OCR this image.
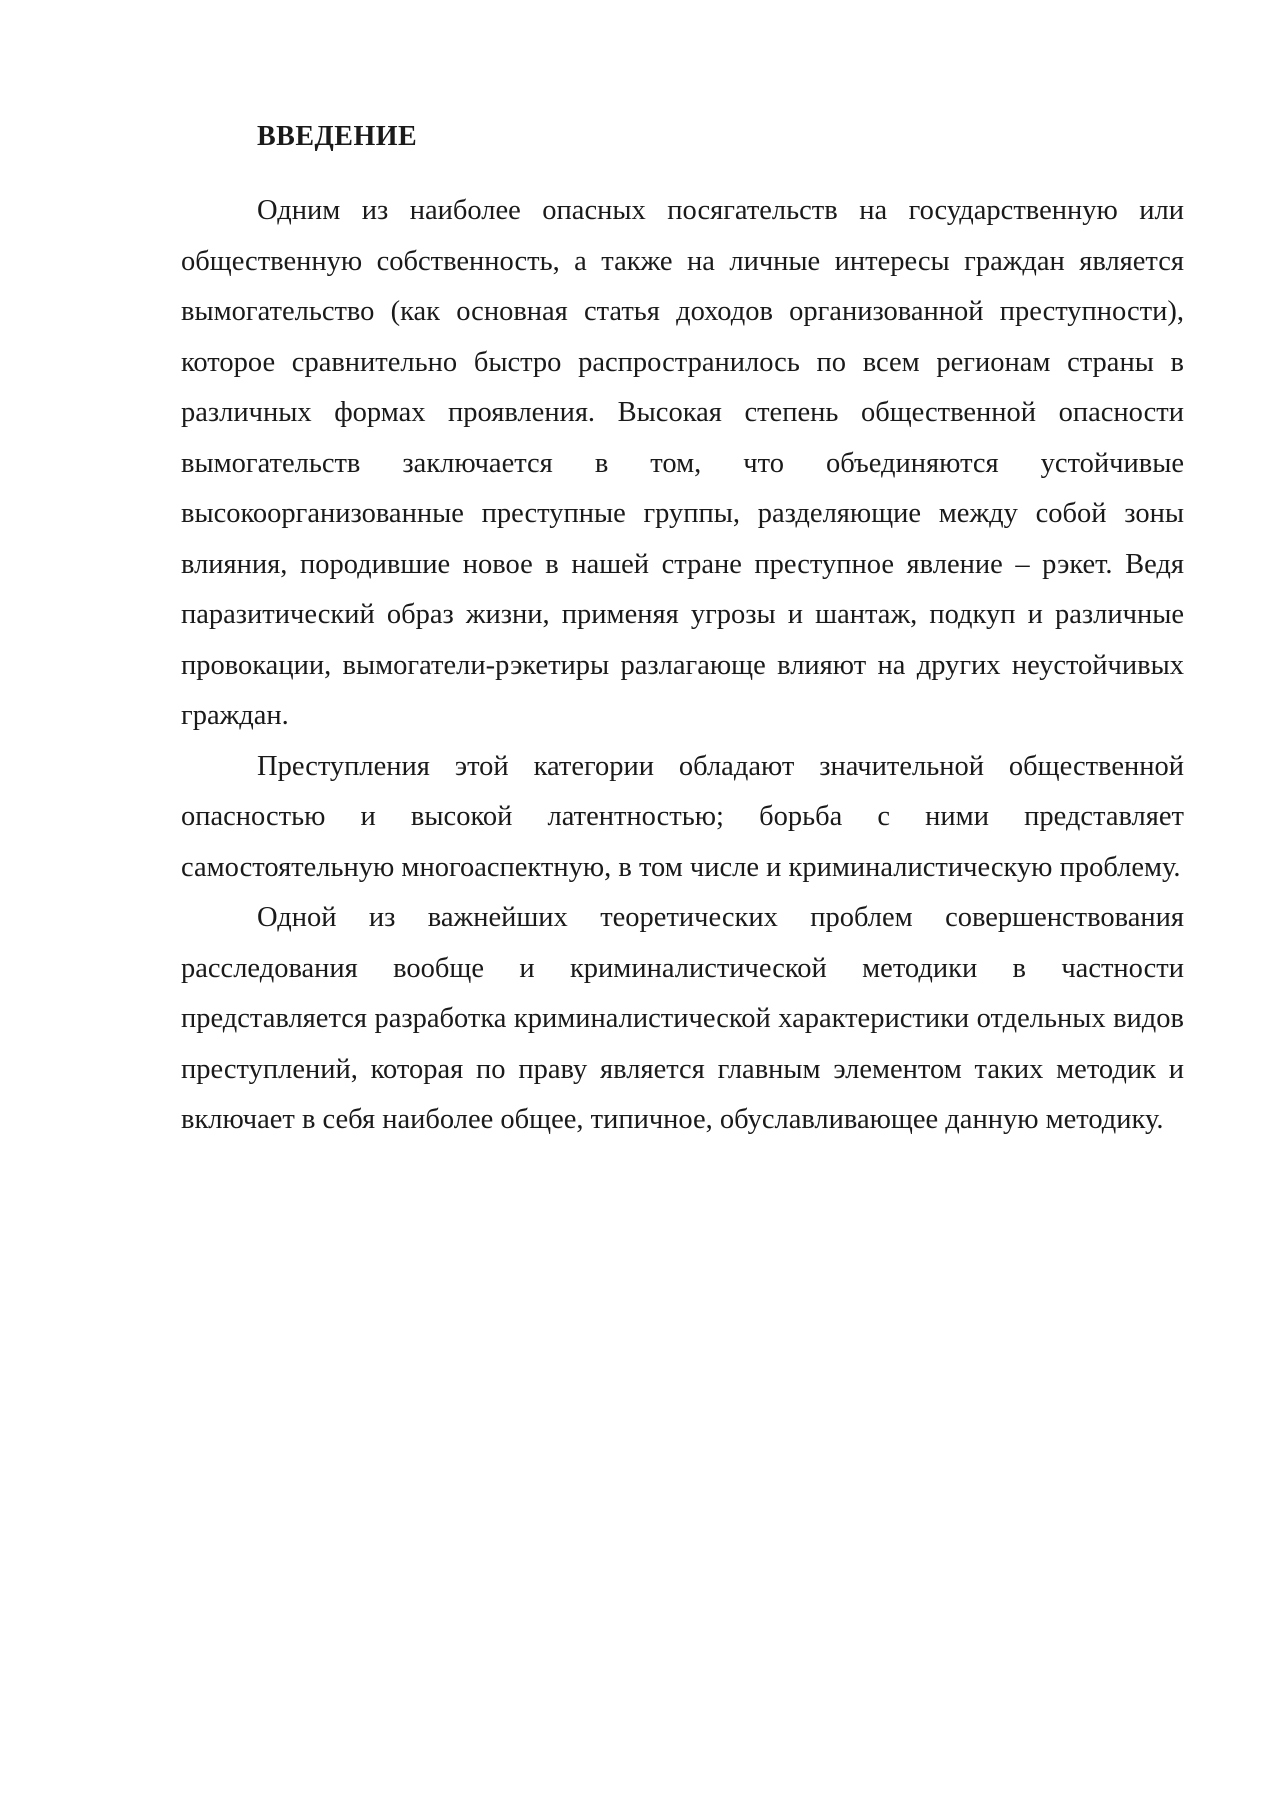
ВВЕДЕНИЕ

Одним из наиболее опасных посягательств на государственную или общественную собственность, а также на личные интересы граждан является вымогательство (как основная статья доходов организованной преступности), которое сравнительно быстро распространилось по всем регионам страны в различных формах проявления. Высокая степень общественной опасности вымогательств заключается в том, что объединяются устойчивые высокоорганизованные преступные группы, разделяющие между собой зоны влияния, породившие новое в нашей стране преступное явление – рэкет. Ведя паразитический образ жизни, применяя угрозы и шантаж, подкуп и различные провокации, вымогатели-рэкетиры разлагающе влияют на других неустойчивых граждан.

Преступления этой категории обладают значительной общественной опасностью и высокой латентностью; борьба с ними представляет самостоятельную многоаспектную, в том числе и криминалистическую проблему.

Одной из важнейших теоретических проблем совершенствования расследования вообще и криминалистической методики в частности представляется разработка криминалистической характеристики отдельных видов преступлений, которая по праву является главным элементом таких методик и включает в себя наиболее общее, типичное, обуславливающее данную методику.
